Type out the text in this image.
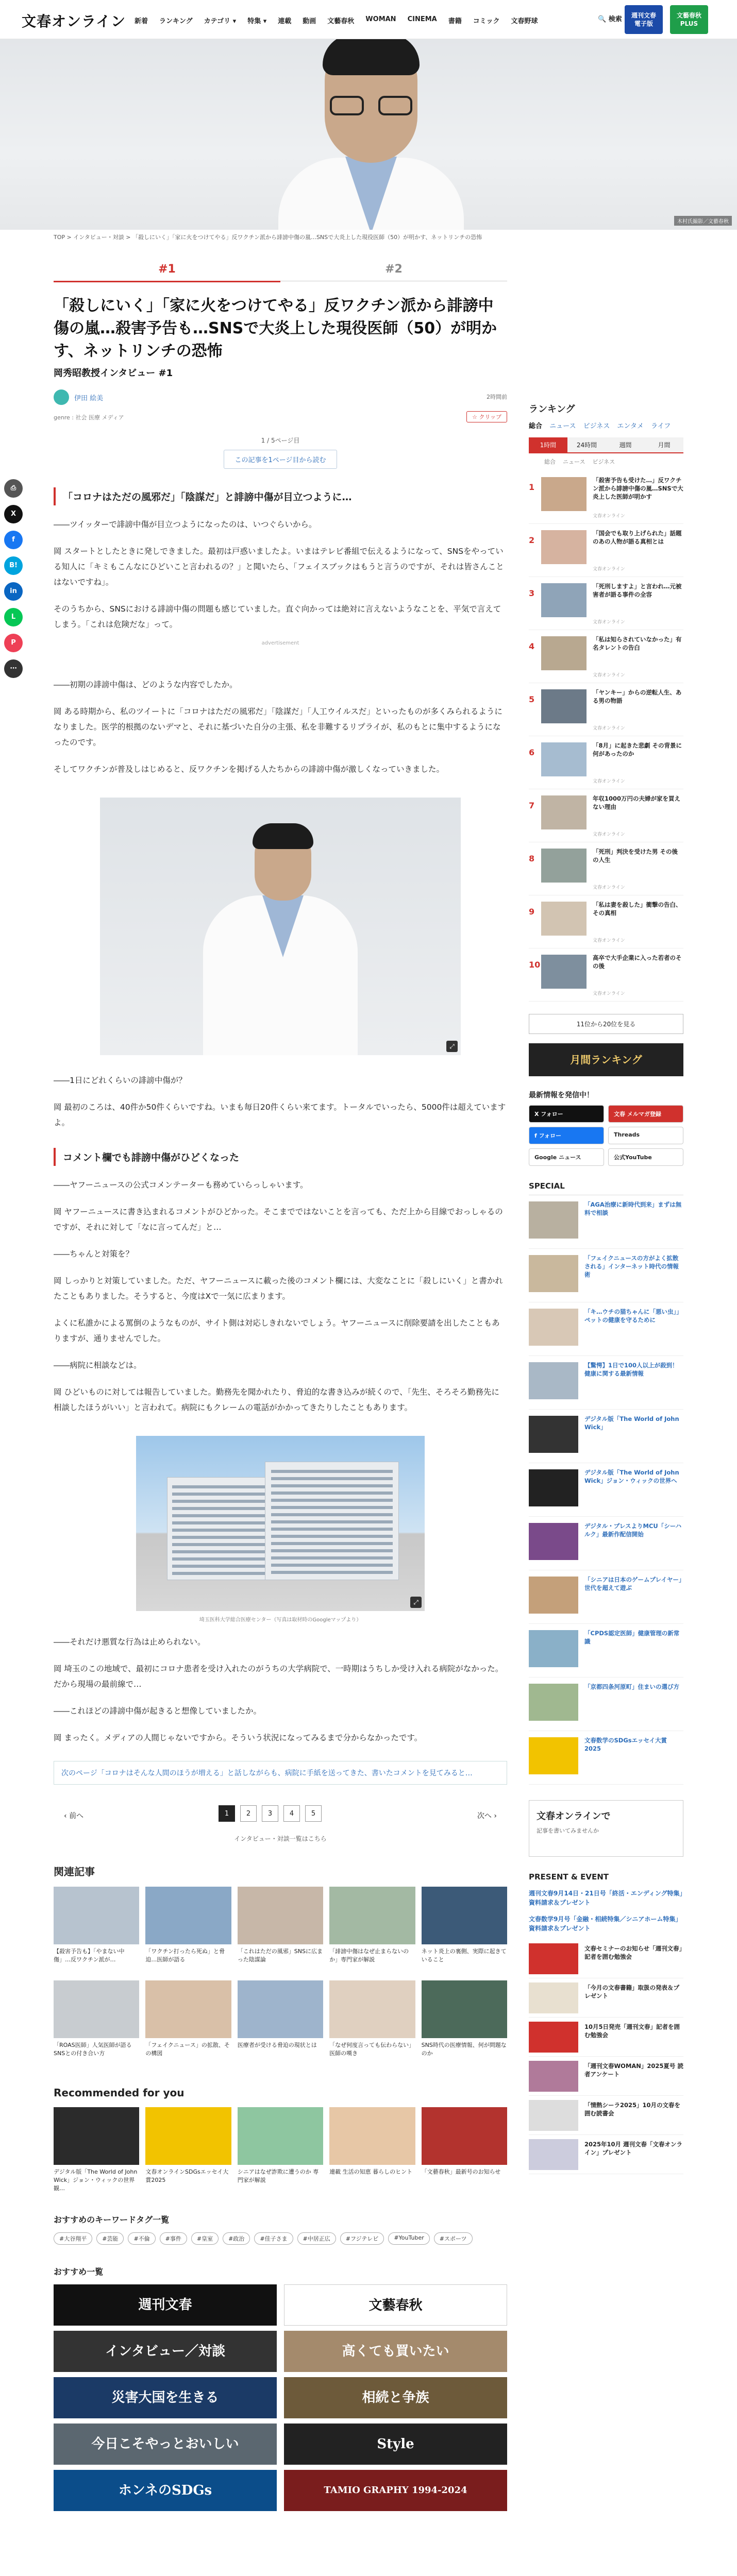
文春オンライン	新着	ランキング	カテゴリ ▾	特集 ▾	連載	動画	文藝春秋	WOMAN	CINEMA	書籍	コミック	文春野球	🔍 検索	週刊文春
電子版
文藝春秋
PLUS
木村氏撮影／文藝春秋
TOP > インタビュー・対談 > 「殺しにいく」「家に火をつけてやる」反ワクチン派から誹謗中傷の嵐…SNSで大炎上した現役医師（50）が明かす、ネットリンチの恐怖
⎙
X
f
B!
in
L
P
⋯
#1	#2
「殺しにいく」「家に火をつけてやる」反ワクチン派から誹謗中傷の嵐…殺害予告も…SNSで大炎上した現役医師（50）が明かす、ネットリンチの恐怖
岡秀昭教授インタビュー #1
伊田 絵美	2時間前
genre : 社会 医療 メディア	☆ クリップ
1 / 5ページ目
この記事を1ページ目から読む
「コロナはただの風邪だ」「陰謀だ」と誹謗中傷が目立つように…

――ツイッターで誹謗中傷が目立つようになったのは、いつぐらいから。

岡 スタートとしたときに発しできました。最初は戸惑いましたよ。いまはテレビ番組で伝えるようになって、SNSをやっている知人に「キミもこんなにひどいこと言われるの？」と聞いたら、「フェイスブックはもうと言うのですが、それは皆さんことはないですね」。

そのうちから、SNSにおける誹謗中傷の問題も感じていました。直ぐ向かっては絶対に言えないようなことを、平気で言えてしまう。「これは危険だな」って。

advertisement

――初期の誹謗中傷は、どのような内容でしたか。

岡 ある時期から、私のツイートに「コロナはただの風邪だ」「陰謀だ」「人工ウイルスだ」といったものが多くみられるようになりました。医学的根拠のないデマと、それに基づいた自分の主張、私を非難するリプライが、私のもとに集中するようになったのです。

そしてワクチンが普及しはじめると、反ワクチンを掲げる人たちからの誹謗中傷が激しくなっていきました。

⤢

――1日にどれくらいの誹謗中傷が？

岡 最初のころは、40件か50件くらいですね。いまも毎日20件くらい来てます。トータルでいったら、5000件は超えていますよ。

コメント欄でも誹謗中傷がひどくなった

――ヤフーニュースの公式コメンテーターも務めていらっしゃいます。

岡 ヤフーニュースに書き込まれるコメントがひどかった。そこまでではないことを言っても、ただ上から目線でおっしゃるのですが、それに対して「なに言ってんだ」と…

――ちゃんと対策を？

岡 しっかりと対策していました。ただ、ヤフーニュースに載った後のコメント欄には、大変なことに「殺しにいく」と書かれたこともありました。そうすると、今度はXで一気に広まります。

よくに私誰かによる罵倒のようなものが、サイト側は対応しきれないでしょう。ヤフーニュースに削除要請を出したこともありますが、通りませんでした。

――病院に相談などは。

岡 ひどいものに対しては報告していました。勤務先を聞かれたり、脅迫的な書き込みが続くので、「先生、そろそろ勤務先に相談したほうがいい」と言われて。病院にもクレームの電話がかかってきたりしたこともあります。

⤢
埼玉医科大学総合医療センター（写真は取材時のGoogleマップより）

――それだけ悪質な行為は止められない。

岡 埼玉のこの地域で、最初にコロナ患者を受け入れたのがうちの大学病院で、一時期はうちしか受け入れる病院がなかった。だから現場の最前線で…

――これほどの誹謗中傷が起きると想像していましたか。

岡 まったく。メディアの人間じゃないですから。そういう状況になってみるまで分からなかったです。

次のページ「コロナはそんな人間のほうが増える」と話しながらも、病院に手紙を送ってきた、書いたコメントを見てみると…
‹ 前へ	1	2	3	4	5	次へ ›
インタビュー・対談一覧はこちら
関連記事
【殺害予告も】「やまない中傷」…反ワクチン派が…
「ワクチン打ったら死ぬ」と脅迫…医師が語る
「これはただの風邪」SNSに広まった陰謀論
「誹謗中傷はなぜ止まらないのか」専門家が解説
ネット炎上の裏側、実際に起きていること
「ROAS医師」人気医師が語るSNSとの付き合い方
「フェイクニュース」の拡散、その構図
医療者が受ける脅迫の現状とは	「なぜ何度言っても伝わらない」医師の嘆き
SNS時代の医療情報、何が問題なのか
Recommended for you
デジタル版「The World of John Wick」ジョン・ウィックの世界観…
文春オンラインSDGsエッセイ大賞2025
シニアはなぜ詐欺に遭うのか 専門家が解説
連載 生活の知恵 暮らしのヒント	「文藝春秋」最新号のお知らせ
おすすめのキーワードタグ一覧
#大谷翔平	#芸能	#不倫	#事件	#皇室	#政治	#佳子さま	#中居正広	#フジテレビ	#YouTuber	#スポーツ
おすすめ一覧
週刊文春	文藝春秋
インタビュー／対談	高くても買いたい
災害大国を生きる	相続と争族
今日こそやっとおいしい	Style
ホンネのSDGs	TAMIO GRAPHY 1994-2024
ランキング
総合 ニュース ビジネス エンタメ ライフ
1時間	24時間	週間	月間
総合 ニュース ビジネス
1
「殺害予告も受けた…」反ワクチン派から誹謗中傷の嵐…SNSで大炎上した医師が明かす
文春オンライン
2
「国会でも取り上げられた」話題のあの人物が語る真相とは
文春オンライン
3
「死刑しますよ」と言われ…元被害者が語る事件の全容
文春オンライン
4
「私は知らされていなかった」有名タレントの告白
文春オンライン
5
「ヤンキー」からの逆転人生、ある男の物語
文春オンライン
6
「8月」に起きた悲劇 その背景に何があったのか
文春オンライン
7
年収1000万円の夫婦が家を買えない理由
文春オンライン
8
「死刑」判決を受けた男 その後の人生
文春オンライン
9
「私は妻を殺した」衝撃の告白、その真相
文春オンライン
10
高卒で大手企業に入った若者のその後
文春オンライン
11位から20位を見る
月間ランキング
最新情報を発信中！
X フォロー	文春 メルマガ登録
f フォロー	Threads
Google ニュース	公式YouTube
SPECIAL
「AGA治療に新時代到来」まずは無料で相談
「フェイクニュースの方がよく拡散される」インターネット時代の情報術
「キ…ウチの猫ちゃんに「悪い虫」」ペットの健康を守るために
【驚愕】1日で100人以上が殺到！健康に関する最新情報
デジタル版「The World of John Wick」
デジタル版「The World of John Wick」ジョン・ウィックの世界へ
デジタル・プレスよりMCU「シーハルク」最新作配信開始
「シニアは日本のゲームプレイヤー」世代を超えて遊ぶ
「CPDS認定医師」健康管理の新常識
「京都四条河原町」住まいの選び方
文春数学のSDGsエッセイ大賞2025
文春オンラインで
記事を書いてみませんか
PRESENT & EVENT
週刊文春9月14日・21日号「終活・エンディング特集」資料請求＆プレゼント
文春数学9月号「金融・相続特集／シニアホーム特集」資料請求＆プレゼント
文春セミナーのお知らせ「週刊文春」記者を囲む勉強会
「今月の文春書籍」取扱の発表＆プレゼント
10月5日発売「週刊文春」記者を囲む勉強会
「週刊文春WOMAN」2025夏号 読者アンケート
「情熱シーラ2025」10月の文春を囲む読書会
2025年10月 週刊文春「文春オンライン」プレゼント
